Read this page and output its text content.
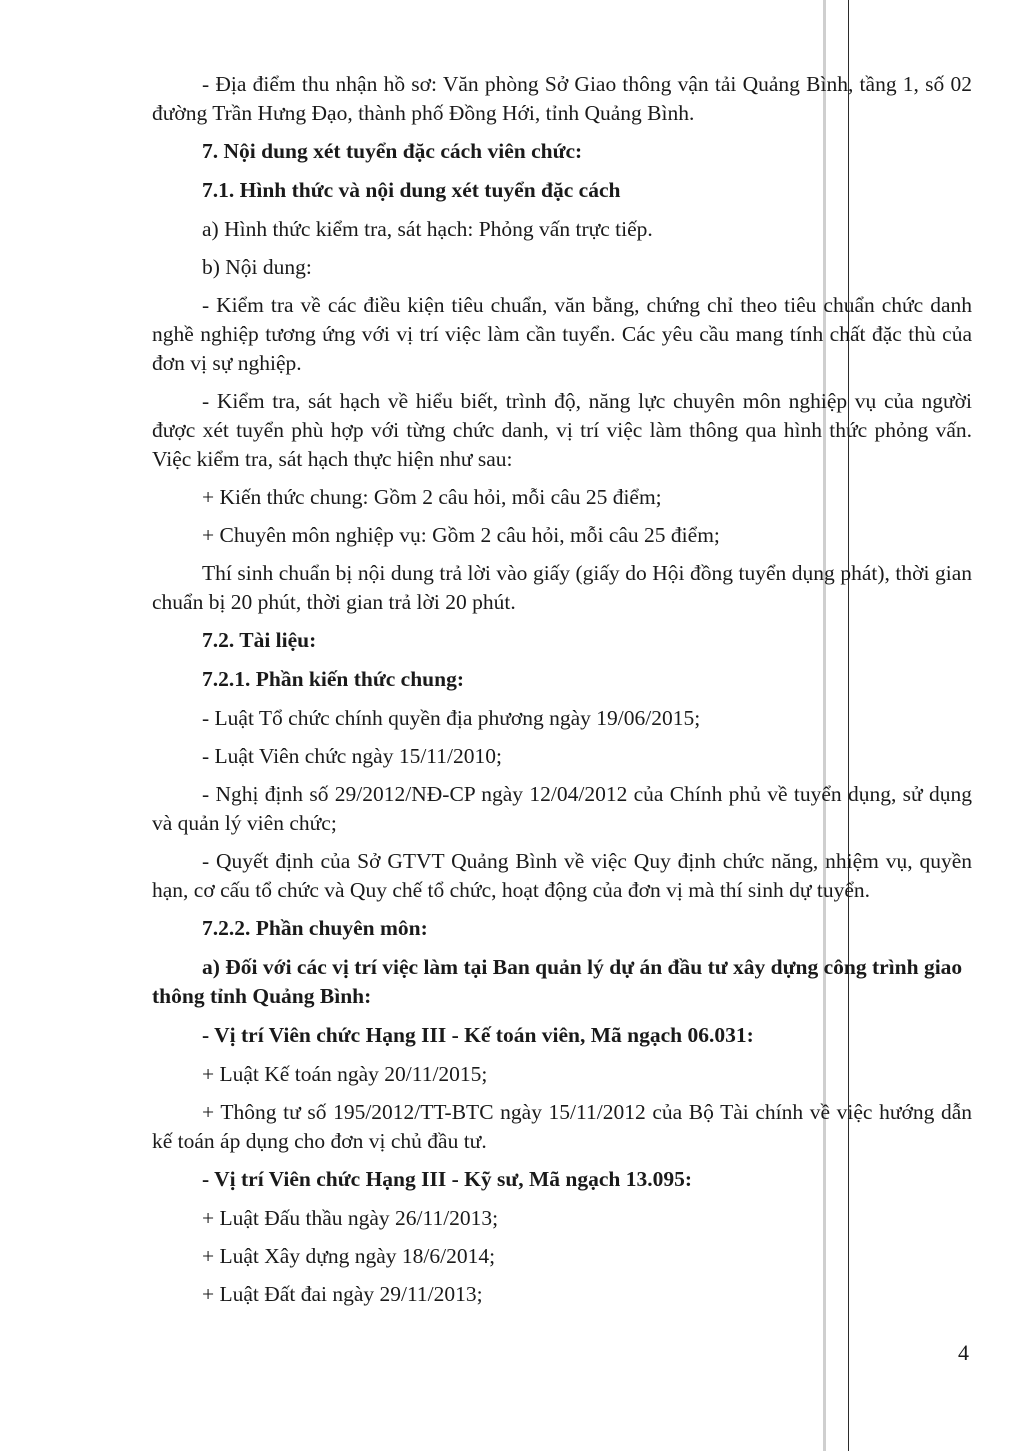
- Địa điểm thu nhận hồ sơ: Văn phòng Sở Giao thông vận tải Quảng Bình, tầng 1, số 02 đường Trần Hưng Đạo, thành phố Đồng Hới, tỉnh Quảng Bình.

7. Nội dung xét tuyển đặc cách viên chức:

7.1. Hình thức và nội dung xét tuyển đặc cách

a) Hình thức kiểm tra, sát hạch: Phỏng vấn trực tiếp.

b) Nội dung:

- Kiểm tra về các điều kiện tiêu chuẩn, văn bằng, chứng chỉ theo tiêu chuẩn chức danh nghề nghiệp tương ứng với vị trí việc làm cần tuyển. Các yêu cầu mang tính chất đặc thù của đơn vị sự nghiệp.

- Kiểm tra, sát hạch về hiểu biết, trình độ, năng lực chuyên môn nghiệp vụ của người được xét tuyển phù hợp với từng chức danh, vị trí việc làm thông qua hình thức phỏng vấn. Việc kiểm tra, sát hạch thực hiện như sau:

+ Kiến thức chung: Gồm 2 câu hỏi, mỗi câu 25 điểm;

+ Chuyên môn nghiệp vụ: Gồm 2 câu hỏi, mỗi câu 25 điểm;

Thí sinh chuẩn bị nội dung trả lời vào giấy (giấy do Hội đồng tuyển dụng phát), thời gian chuẩn bị 20 phút, thời gian trả lời 20 phút.

7.2. Tài liệu:

7.2.1. Phần kiến thức chung:

- Luật Tổ chức chính quyền địa phương ngày 19/06/2015;

- Luật Viên chức ngày 15/11/2010;

- Nghị định số 29/2012/NĐ-CP ngày 12/04/2012 của Chính phủ về tuyển dụng, sử dụng và quản lý viên chức;

- Quyết định của Sở GTVT Quảng Bình về việc Quy định chức năng, nhiệm vụ, quyền hạn, cơ cấu tổ chức và Quy chế tổ chức, hoạt động của đơn vị mà thí sinh dự tuyển.

7.2.2. Phần chuyên môn:

a) Đối với các vị trí việc làm tại Ban quản lý dự án đầu tư xây dựng công trình giao thông tỉnh Quảng Bình:

- Vị trí Viên chức Hạng III - Kế toán viên, Mã ngạch 06.031:

+ Luật Kế toán ngày 20/11/2015;

+ Thông tư số 195/2012/TT-BTC ngày 15/11/2012 của Bộ Tài chính về việc hướng dẫn kế toán áp dụng cho đơn vị chủ đầu tư.

- Vị trí Viên chức Hạng III - Kỹ sư, Mã ngạch 13.095:

+ Luật Đấu thầu ngày 26/11/2013;

+ Luật Xây dựng ngày 18/6/2014;

+ Luật Đất đai ngày 29/11/2013;

4
